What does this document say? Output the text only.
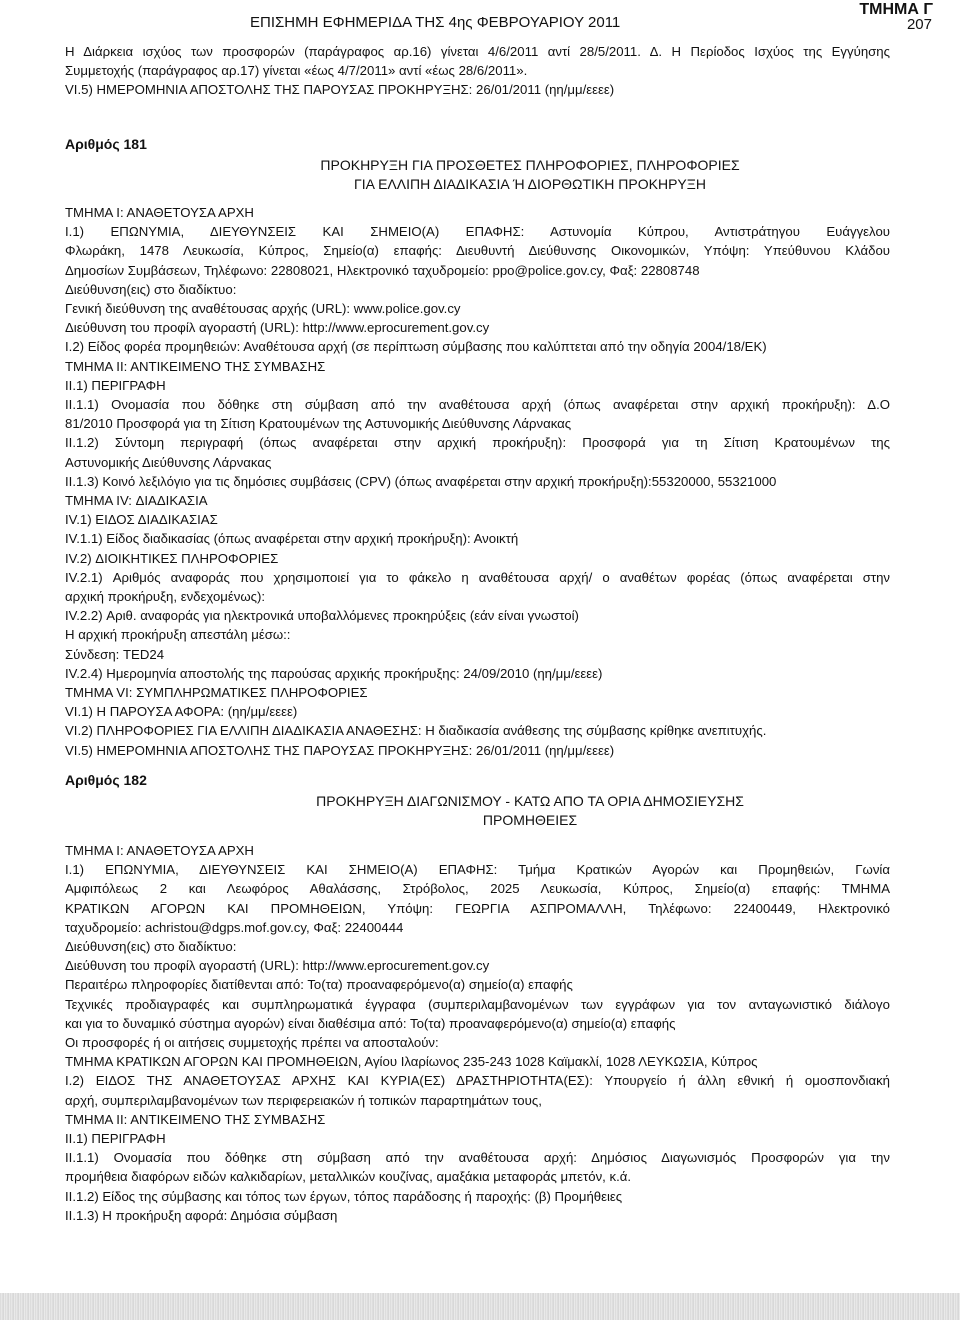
ΕΠΙΣΗΜΗ ΕΦΗΜΕΡΙΔΑ ΤΗΣ 4ης ΦΕΒΡΟΥΑΡΙΟΥ 2011
ΤΜΗΜΑ Γ
207

Η Διάρκεια ισχύος των προσφορών (παράγραφος αρ.16) γίνεται 4/6/2011 αντί 28/5/2011. Δ. Η Περίοδος Ισχύος της Εγγύησης

Συμμετοχής (παράγραφος αρ.17) γίνεται «έως 4/7/2011» αντί «έως 28/6/2011».

VI.5) ΗΜΕΡΟΜΗΝΙΑ ΑΠΟΣΤΟΛΗΣ ΤΗΣ ΠΑΡΟΥΣΑΣ ΠΡΟΚΗΡΥΞΗΣ: 26/01/2011 (ηη/μμ/εεεε)

Αριθμός 181
ΠΡΟΚΗΡΥΞΗ ΓΙΑ ΠΡΟΣΘΕΤΕΣ ΠΛΗΡΟΦΟΡΙΕΣ, ΠΛΗΡΟΦΟΡΙΕΣ
ΓΙΑ ΕΛΛΙΠΗ ΔΙΑΔΙΚΑΣΙΑ Ή ΔΙΟΡΘΩΤΙΚΗ ΠΡΟΚΗΡΥΞΗ

ΤΜΗΜΑ Ι: ΑΝΑΘΕΤΟΥΣΑ ΑΡΧΗ

Ι.1) ΕΠΩΝΥΜΙΑ, ΔΙΕΥΘΥΝΣΕΙΣ ΚΑΙ ΣΗΜΕΙΟ(Α) ΕΠΑΦΗΣ: Αστυνομία Κύπρου, Αντιστράτηγου Ευάγγελου

Φλωράκη, 1478 Λευκωσία, Κύπρος, Σημείο(α) επαφής: Διευθυντή Διεύθυνσης Οικονομικών, Υπόψη: Υπεύθυνου Κλάδου

Δημοσίων Συμβάσεων, Τηλέφωνο: 22808021, Ηλεκτρονικό ταχυδρομείο: ppo@police.gov.cy, Φαξ: 22808748

Διεύθυνση(εις) στο διαδίκτυο:

Γενική διεύθυνση της αναθέτουσας αρχής (URL): www.police.gov.cy

Διεύθυνση του προφίλ αγοραστή (URL): http://www.eprocurement.gov.cy

Ι.2) Είδος φορέα προμηθειών: Αναθέτουσα αρχή (σε περίπτωση σύμβασης που καλύπτεται από την οδηγία 2004/18/ΕΚ)

ΤΜΗΜΑ ΙΙ: ΑΝΤΙΚΕΙΜΕΝΟ ΤΗΣ ΣΥΜΒΑΣΗΣ

ΙΙ.1) ΠΕΡΙΓΡΑΦΗ

ΙΙ.1.1) Ονομασία που δόθηκε στη σύμβαση από την αναθέτουσα αρχή (όπως αναφέρεται στην αρχική προκήρυξη): Δ.Ο

81/2010 Προσφορά για τη Σίτιση Κρατουμένων της Αστυνομικής Διεύθυνσης Λάρνακας

ΙΙ.1.2) Σύντομη περιγραφή (όπως αναφέρεται στην αρχική προκήρυξη): Προσφορά για τη Σίτιση Κρατουμένων της

Αστυνομικής Διεύθυνσης Λάρνακας

ΙΙ.1.3) Κοινό λεξιλόγιο για τις δημόσιες συμβάσεις (CPV) (όπως αναφέρεται στην αρχική προκήρυξη):55320000, 55321000

ΤΜΗΜΑ IV: ΔΙΑΔΙΚΑΣΙΑ

IV.1) ΕΙΔΟΣ ΔΙΑΔΙΚΑΣΙΑΣ

IV.1.1) Είδος διαδικασίας (όπως αναφέρεται στην αρχική προκήρυξη): Ανοικτή

IV.2) ΔΙΟΙΚΗΤΙΚΕΣ ΠΛΗΡΟΦΟΡΙΕΣ

IV.2.1) Αριθμός αναφοράς που χρησιμοποιεί για το φάκελο η αναθέτουσα αρχή/ ο αναθέτων φορέας (όπως αναφέρεται στην

αρχική προκήρυξη, ενδεχομένως):

IV.2.2) Αριθ. αναφοράς για ηλεκτρονικά υποβαλλόμενες προκηρύξεις (εάν είναι γνωστοί)

Η αρχική προκήρυξη απεστάλη μέσω::

Σύνδεση: TED24

IV.2.4) Ημερομηνία αποστολής της παρούσας αρχικής προκήρυξης: 24/09/2010 (ηη/μμ/εεεε)

ΤΜΗΜΑ VI: ΣΥΜΠΛΗΡΩΜΑΤΙΚΕΣ ΠΛΗΡΟΦΟΡΙΕΣ

VI.1) Η ΠΑΡΟΥΣΑ ΑΦΟΡΑ: (ηη/μμ/εεεε)

VI.2) ΠΛΗΡΟΦΟΡΙΕΣ ΓΙΑ ΕΛΛΙΠΗ ΔΙΑΔΙΚΑΣΙΑ ΑΝΑΘΕΣΗΣ: Η διαδικασία ανάθεσης της σύμβασης κρίθηκε ανεπιτυχής.

VI.5) ΗΜΕΡΟΜΗΝΙΑ ΑΠΟΣΤΟΛΗΣ ΤΗΣ ΠΑΡΟΥΣΑΣ ΠΡΟΚΗΡΥΞΗΣ: 26/01/2011 (ηη/μμ/εεεε)

Αριθμός 182
ΠΡΟΚΗΡΥΞΗ ΔΙΑΓΩΝΙΣΜΟΥ - ΚΑΤΩ ΑΠΟ ΤΑ ΟΡΙΑ ΔΗΜΟΣΙΕΥΣΗΣ
ΠΡΟΜΗΘΕΙΕΣ

ΤΜΗΜΑ Ι: ΑΝΑΘΕΤΟΥΣΑ ΑΡΧΗ

Ι.1) ΕΠΩΝΥΜΙΑ, ΔΙΕΥΘΥΝΣΕΙΣ ΚΑΙ ΣΗΜΕΙΟ(Α) ΕΠΑΦΗΣ: Τμήμα Κρατικών Αγορών και Προμηθειών, Γωνία

Αμφιπόλεως 2 και Λεωφόρος Αθαλάσσης, Στρόβολος, 2025 Λευκωσία, Κύπρος, Σημείο(α) επαφής: ΤΜΗΜΑ

ΚΡΑΤΙΚΩΝ ΑΓΟΡΩΝ ΚΑΙ ΠΡΟΜΗΘΕΙΩΝ, Υπόψη: ΓΕΩΡΓΙΑ ΑΣΠΡΟΜΑΛΛΗ, Τηλέφωνο: 22400449, Ηλεκτρονικό

ταχυδρομείο: achristou@dgps.mof.gov.cy, Φαξ: 22400444

Διεύθυνση(εις) στο διαδίκτυο:

Διεύθυνση του προφίλ αγοραστή (URL): http://www.eprocurement.gov.cy

Περαιτέρω πληροφορίες διατίθενται από: Το(τα) προαναφερόμενο(α) σημείο(α) επαφής

Τεχνικές προδιαγραφές και συμπληρωματικά έγγραφα (συμπεριλαμβανομένων των εγγράφων για τον ανταγωνιστικό διάλογο

και για το δυναμικό σύστημα αγορών) είναι διαθέσιμα από: Το(τα) προαναφερόμενο(α) σημείο(α) επαφής

Οι προσφορές ή οι αιτήσεις συμμετοχής πρέπει να αποσταλούν:

ΤΜΗΜΑ ΚΡΑΤΙΚΩΝ ΑΓΟΡΩΝ ΚΑΙ ΠΡΟΜΗΘΕΙΩΝ, Αγίου Ιλαρίωνος 235-243 1028 Καϊμακλί, 1028 ΛΕΥΚΩΣΙΑ, Κύπρος

Ι.2) ΕΙΔΟΣ ΤΗΣ ΑΝΑΘΕΤΟΥΣΑΣ ΑΡΧΗΣ ΚΑΙ ΚΥΡΙΑ(ΕΣ) ΔΡΑΣΤΗΡΙΟΤΗΤΑ(ΕΣ): Υπουργείο ή άλλη εθνική ή ομοσπονδιακή

αρχή, συμπεριλαμβανομένων των περιφερειακών ή τοπικών παραρτημάτων τους,

ΤΜΗΜΑ ΙΙ: ΑΝΤΙΚΕΙΜΕΝΟ ΤΗΣ ΣΥΜΒΑΣΗΣ

ΙΙ.1) ΠΕΡΙΓΡΑΦΗ

ΙΙ.1.1) Ονομασία που δόθηκε στη σύμβαση από την αναθέτουσα αρχή: Δημόσιος Διαγωνισμός Προσφορών για την

προμήθεια διαφόρων ειδών καλκιδαρίων, μεταλλικών κουζίνας, αμαξάκια μεταφοράς μπετόν, κ.ά.

ΙΙ.1.2) Είδος της σύμβασης και τόπος των έργων, τόπος παράδοσης ή παροχής: (β) Προμήθειες

ΙΙ.1.3) Η προκήρυξη αφορά: Δημόσια σύμβαση
